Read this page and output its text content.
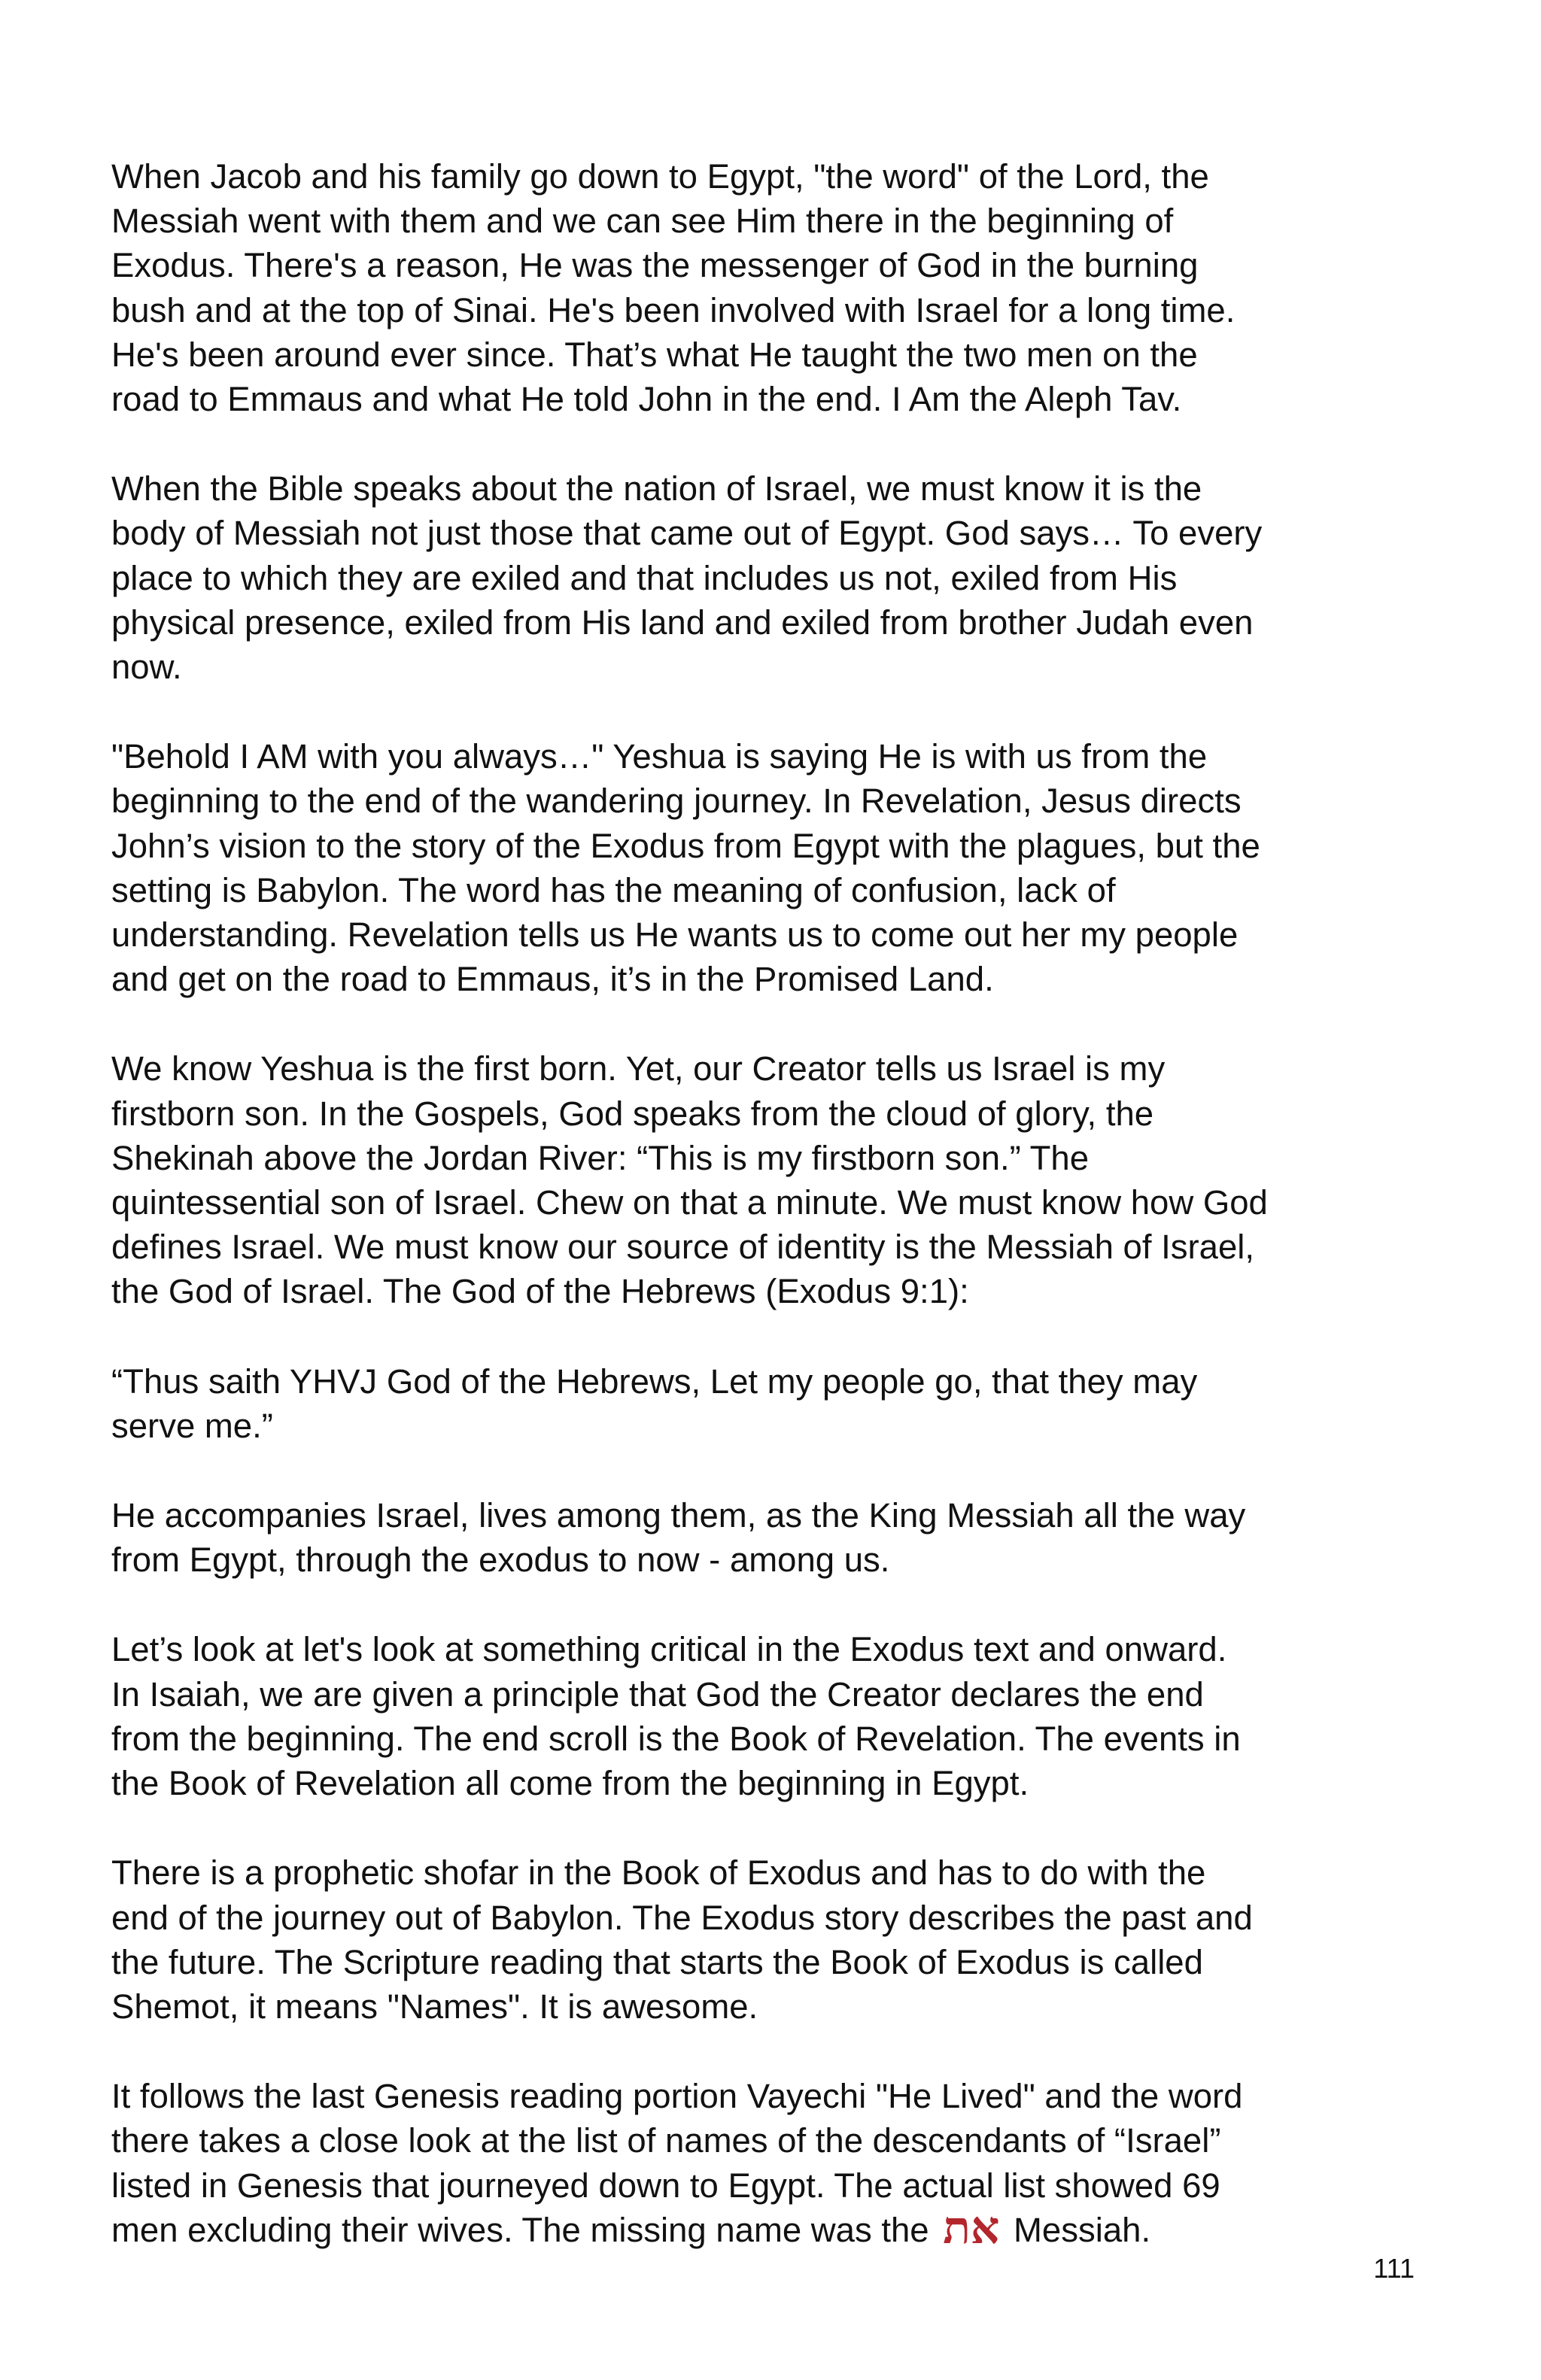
When Jacob and his family go down to Egypt, "the word" of the Lord, the
Messiah went with them and we can see Him there in the beginning of
Exodus. There's a reason, He was the messenger of God in the burning
bush and at the top of Sinai. He's been involved with Israel for a long time.
He's been around ever since. That’s what He taught the two men on the
road to Emmaus and what He told John in the end. I Am the Aleph Tav.

When the Bible speaks about the nation of Israel, we must know it is the
body of Messiah not just those that came out of Egypt. God says… To every
place to which they are exiled and that includes us not, exiled from His
physical presence, exiled from His land and exiled from brother Judah even
now.

"Behold I AM with you always…" Yeshua is saying He is with us from the
beginning to the end of the wandering journey. In Revelation, Jesus directs
John’s vision to the story of the Exodus from Egypt with the plagues, but the
setting is Babylon. The word has the meaning of confusion, lack of
understanding. Revelation tells us He wants us to come out her my people
and get on the road to Emmaus, it’s in the Promised Land.

We know Yeshua is the first born. Yet, our Creator tells us Israel is my
firstborn son. In the Gospels, God speaks from the cloud of glory, the
Shekinah above the Jordan River: “This is my firstborn son.” The
quintessential son of Israel. Chew on that a minute. We must know how God
defines Israel. We must know our source of identity is the Messiah of Israel,
the God of Israel. The God of the Hebrews (Exodus 9:1):

“Thus saith YHVJ God of the Hebrews, Let my people go, that they may
serve me.”

He accompanies Israel, lives among them, as the King Messiah all the way
from Egypt, through the exodus to now - among us.

Let’s look at let's look at something critical in the Exodus text and onward.
In Isaiah, we are given a principle that God the Creator declares the end
from the beginning. The end scroll is the Book of Revelation. The events in
the Book of Revelation all come from the beginning in Egypt.

There is a prophetic shofar in the Book of Exodus and has to do with the
end of the journey out of Babylon. The Exodus story describes the past and
the future. The Scripture reading that starts the Book of Exodus is called
Shemot, it means "Names". It is awesome.

It follows the last Genesis reading portion Vayechi "He Lived" and the word
there takes a close look at the list of names of the descendants of “Israel”
listed in Genesis that journeyed down to Egypt. The actual list showed 69
men excluding their wives. The missing name was the את Messiah.

111
